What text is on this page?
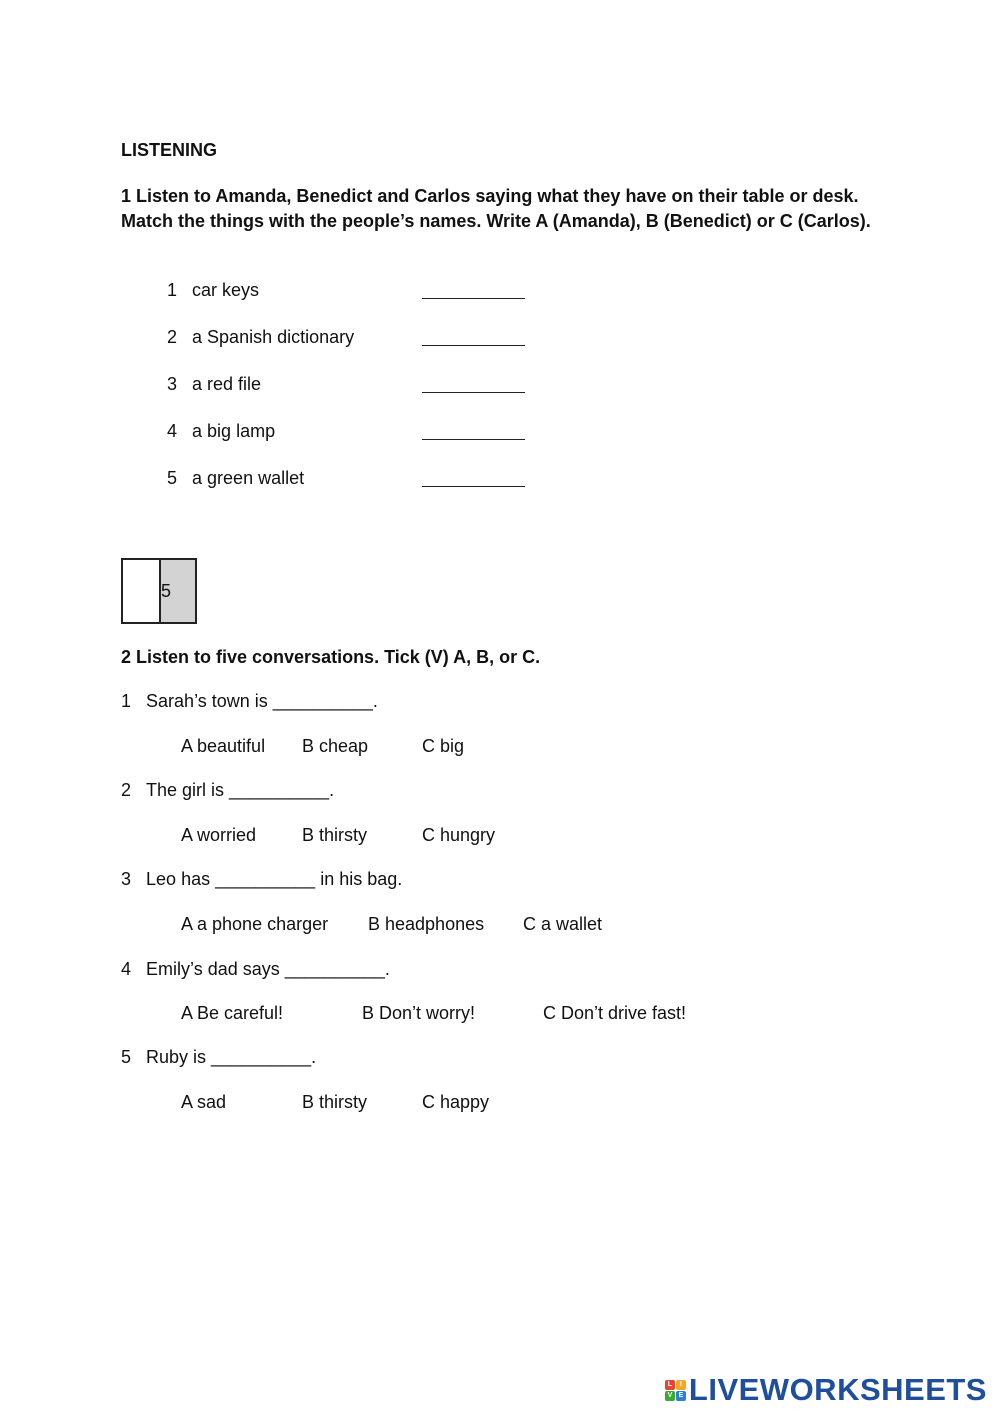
LISTENING
1 Listen to Amanda, Benedict and Carlos saying what they have on their table or desk. Match the things with the people’s names. Write A (Amanda), B (Benedict) or C (Carlos).
1 car keys
2 a Spanish dictionary
3 a red file
4 a big lamp
5 a green wallet
5
2 Listen to five conversations. Tick (V) A, B, or C.
1 Sarah’s town is __________.
A beautiful B cheap	C big
2 The girl is __________.
A worried	B thirsty	C hungry
3 Leo has __________ in his bag.
A a phone charger B headphones C a wallet
4 Emily’s dad says __________.
A Be careful!	B Don’t worry!	C Don’t drive fast!
5 Ruby is __________.
A sad	B thirsty	C happy
L	I
V E LIVEWORKSHEETS
